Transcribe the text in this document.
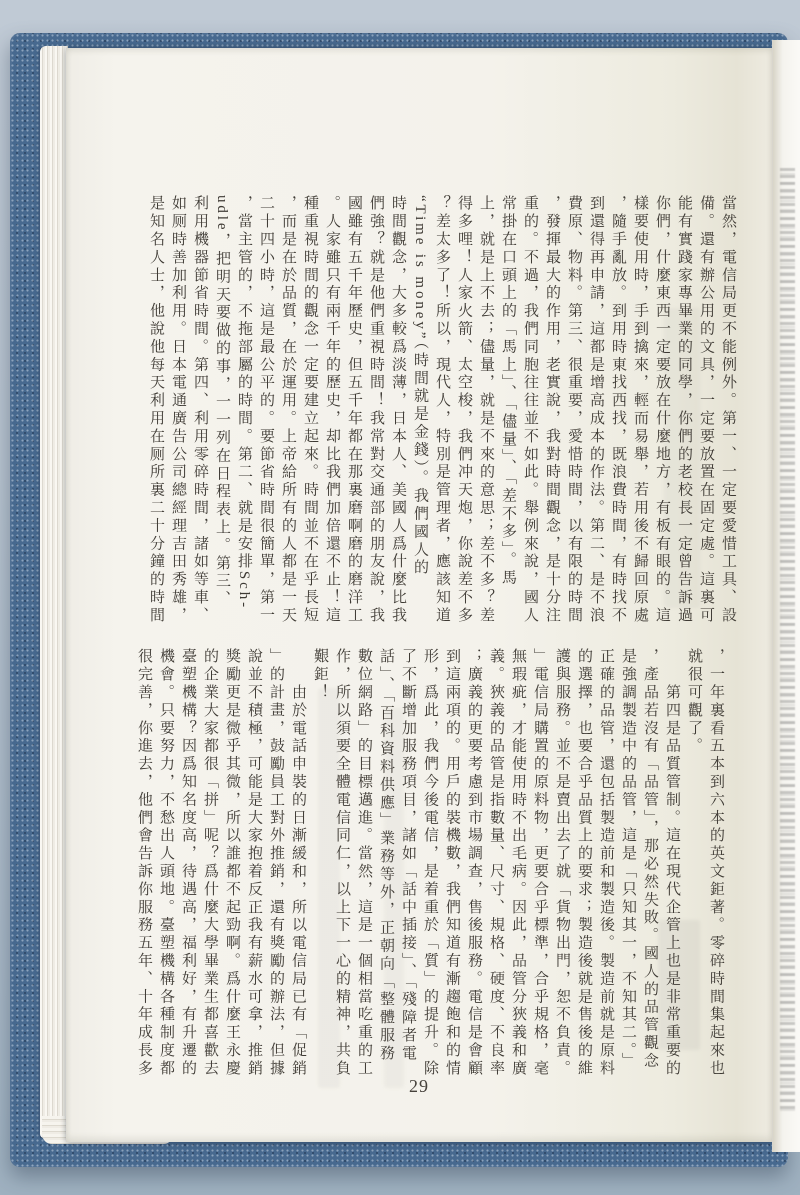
當然，電信局更不能例外。第一、一定要愛惜工具、設
備。還有辦公用的文具，一定要放置在固定處。這裏可
能有實踐家專畢業的同學，你們的老校長一定曾告訴過
你們，什麼東西一定要放在什麼地方，有板有眼的。這
樣要使用時，手到擒來，輕而易舉，若用後不歸回原處
，隨手亂放。到用時東找西找，既浪費時間，有時找不
到還得再申請，這都是增高成本的作法。第二、是不浪
費原、物料。第三、很重要，愛惜時間，以有限的時間
，發揮最大的作用，老實說，我對時間觀念，是十分注
重的。不過，我們同胞往往並不如此。舉例來說，國人
常掛在口頭上的「馬上」、「儘量」、「差不多」。馬
上，就是上不去；儘量，就是不來的意思；差不多？差
得多哩！人家火箭、太空梭，我們冲天炮，你說差不多
？差太多了！所以，現代人，特別是管理者，應該知道
“Time is money”（時間就是金錢）。我們國人的
時間觀念，大多較爲淡薄，日本人、美國人爲什麼比我
們強？就是他們重視時間！我常對交通部的朋友說，我
國雖有五千年歷史，但五千年都在那裏磨啊磨的磨洋工
。人家雖只有兩千年的歷史，却比我們加倍還不止！這
種重視時間的觀念一定要建立起來。時間並不在乎長短
，而是在於品質，在於運用。上帝給所有的人都是一天
二十四小時，這是最公平的。要節省時間很簡單，第一
，當主管的，不拖部屬的時間。第二、就是安排Sch-
udle，把明天要做的事，一一列在日程表上。第三、
利用機器節省時間。第四、利用零碎時間，諸如等車、
如厕時善加利用。日本電通廣告公司總經理吉田秀雄，
是知名人士，他說他每天利用在厕所裏二十分鐘的時間
，一年裏看五本到六本的英文鉅著。零碎時間集起來也
就很可觀了。
　　第四是品質管制。這在現代企管上也是非常重要的
，產品若沒有「品管」，那必然失敗。國人的品管觀念
是強調製造中的品管，這是「只知其一，不知其二。」
正確的品管，還包括製造前和製造後。製造前就是原料
的選擇，也要合乎品質上的要求；製造後就是售後的維
護與服務。並不是賣出去了就「貨物出門，恕不負責。
」電信局購置的原料物，更要合乎標準，合乎規格，毫
無瑕疵，才能使用時不出毛病。因此，品管分狹義和廣
義。狹義的品管是指數量、尺寸、規格、硬度、不良率
；廣義的更要考慮到市場調查，售後服務。電信是會顧
到這兩項的。用戶的裝機數，我們知道有漸趨飽和的情
形，爲此，我們今後電信，是着重於「質」的提升。除
了不斷增加服務項目，諸如「話中插接」、「殘障者電
話」、「百科資料供應」業務等外，正朝向「整體服務
數位網路」的目標邁進。當然，這是一個相當吃重的工
作，所以須要全體電信同仁，以上下一心的精神，共負
艱鉅！
　　由於電話申裝的日漸緩和，所以電信局已有「促銷
」的計畫，鼓勵員工對外推銷，還有獎勵的辦法，但據
說並不積極，可能是大家抱着反正我有薪水可拿，推銷
獎勵更是微乎其微，所以誰都不起勁啊。爲什麼王永慶
的企業大家都很「拼」呢？爲什麼大學畢業生都喜歡去
臺塑機構？因爲知名度高，待遇高，福利好，有升遷的
機會。只要努力，不愁出人頭地。臺塑機構各種制度都
很完善，你進去，他們會告訴你服務五年、十年成長多
29
